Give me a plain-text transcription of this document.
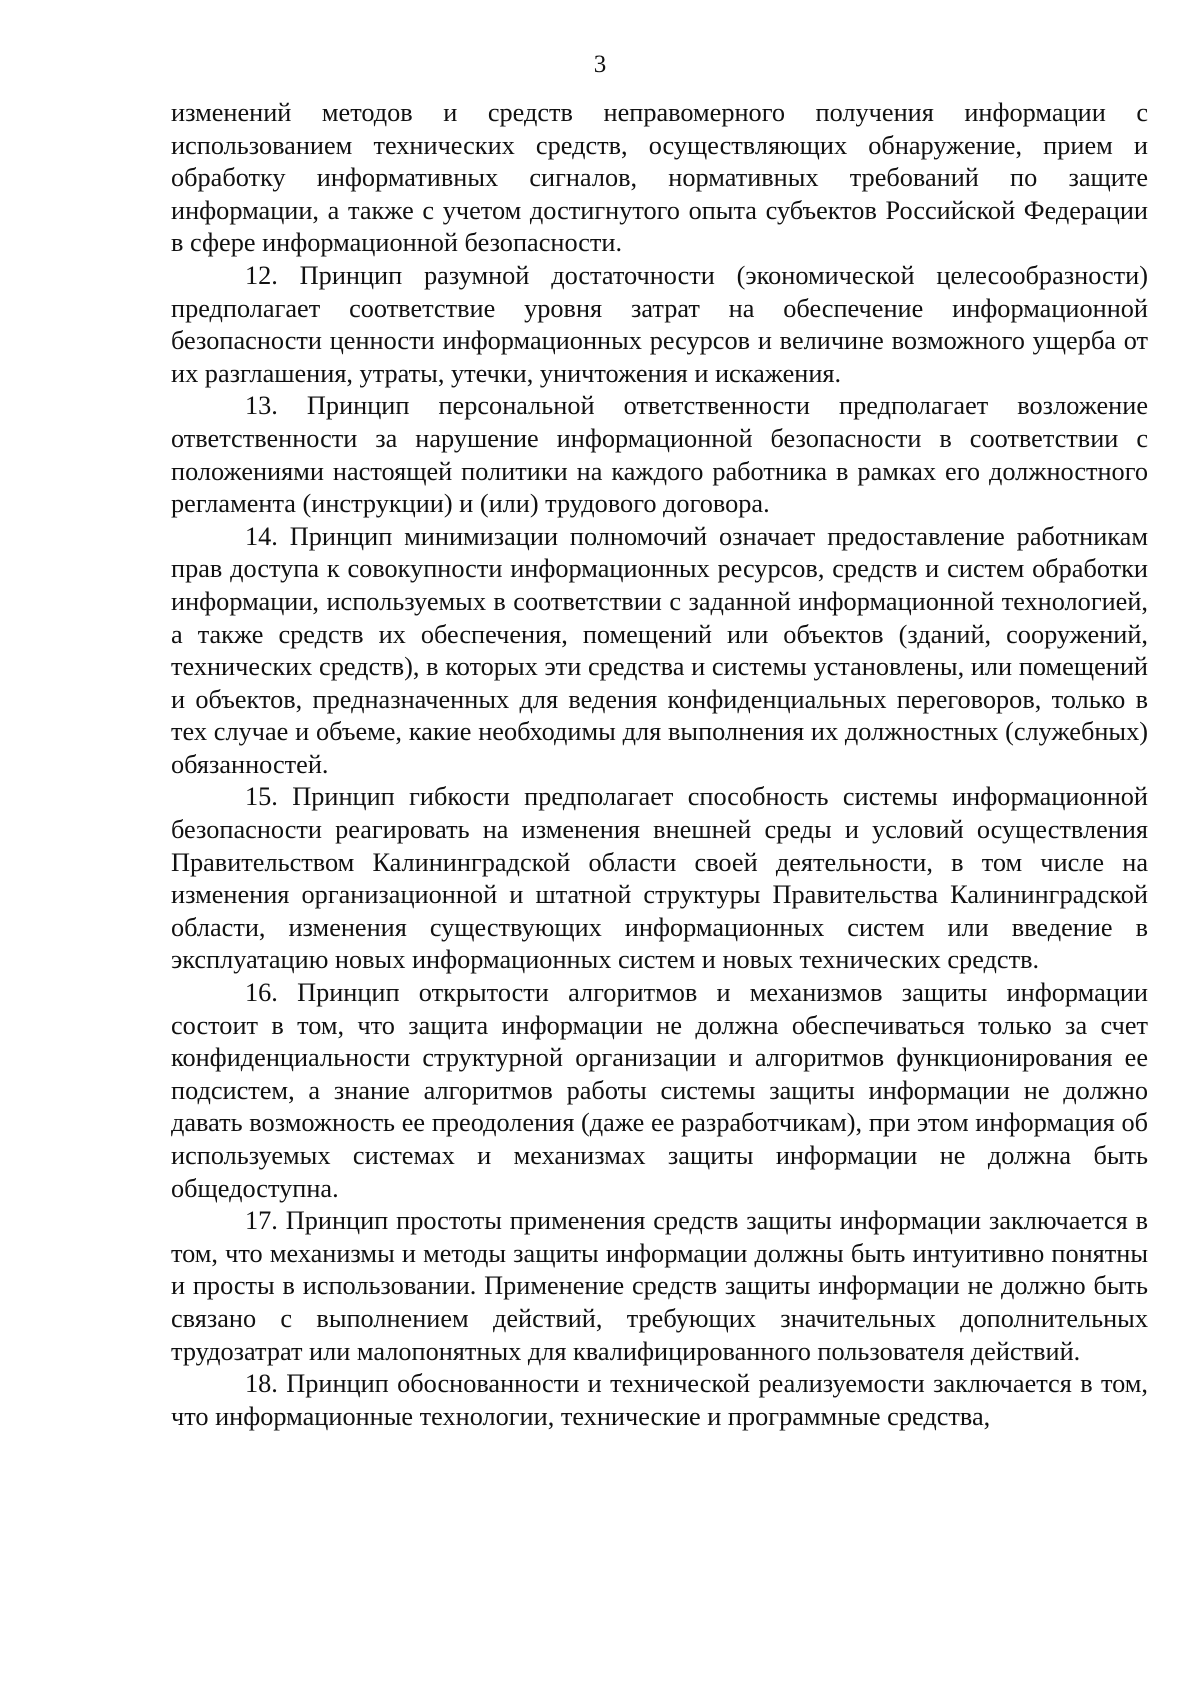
3

изменений методов и средств неправомерного получения информации с использованием технических средств, осуществляющих обнаружение, прием и обработку информативных сигналов, нормативных требований по защите информации, а также с учетом достигнутого опыта субъектов Российской Федерации в сфере информационной безопасности.

12. Принцип разумной достаточности (экономической целесообразности) предполагает соответствие уровня затрат на обеспечение информационной безопасности ценности информационных ресурсов и величине возможного ущерба от их разглашения, утраты, утечки, уничтожения и искажения.

13. Принцип персональной ответственности предполагает возложение ответственности за нарушение информационной безопасности в соответствии с положениями настоящей политики на каждого работника в рамках его должностного регламента (инструкции) и (или) трудового договора.

14. Принцип минимизации полномочий означает предоставление работникам прав доступа к совокупности информационных ресурсов, средств и систем обработки информации, используемых в соответствии с заданной информационной технологией, а также средств их обеспечения, помещений или объектов (зданий, сооружений, технических средств), в которых эти средства и системы установлены, или помещений и объектов, предназначенных для ведения конфиденциальных переговоров, только в тех случае и объеме, какие необходимы для выполнения их должностных (служебных) обязанностей.

15. Принцип гибкости предполагает способность системы информационной безопасности реагировать на изменения внешней среды и условий осуществления Правительством Калининградской области своей деятельности, в том числе на изменения организационной и штатной структуры Правительства Калининградской области, изменения существующих информационных систем или введение в эксплуатацию новых информационных систем и новых технических средств.

16. Принцип открытости алгоритмов и механизмов защиты информации состоит в том, что защита информации не должна обеспечиваться только за счет конфиденциальности структурной организации и алгоритмов функционирования ее подсистем, а знание алгоритмов работы системы защиты информации не должно давать возможность ее преодоления (даже ее разработчикам), при этом информация об используемых системах и механизмах защиты информации не должна быть общедоступна.

17. Принцип простоты применения средств защиты информации заключается в том, что механизмы и методы защиты информации должны быть интуитивно понятны и просты в использовании. Применение средств защиты информации не должно быть связано с выполнением действий, требующих значительных дополнительных трудозатрат или малопонятных для квалифицированного пользователя действий.

18. Принцип обоснованности и технической реализуемости заключается в том, что информационные технологии, технические и программные средства,
